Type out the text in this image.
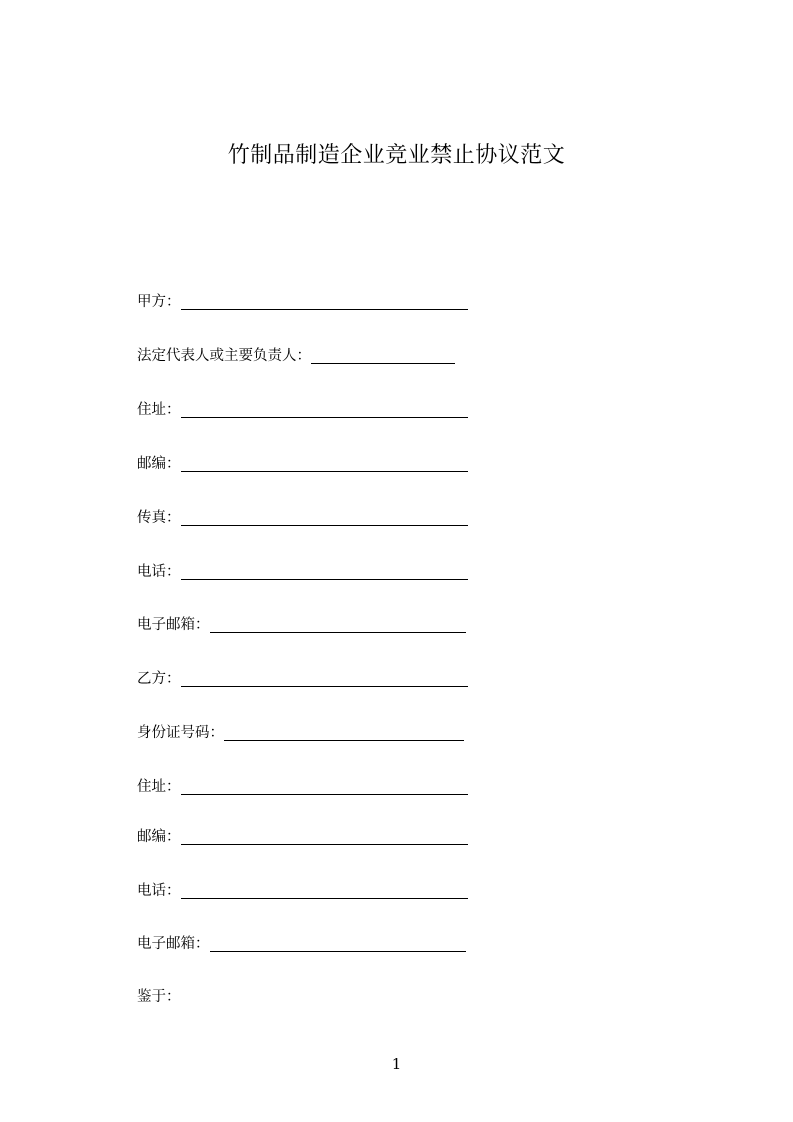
竹制品制造企业竞业禁止协议范文
甲方：
法定代表人或主要负责人：
住址：
邮编：
传真：
电话：
电子邮箱：
乙方：
身份证号码：
住址：
邮编：
电话：
电子邮箱：
鉴于：
1
